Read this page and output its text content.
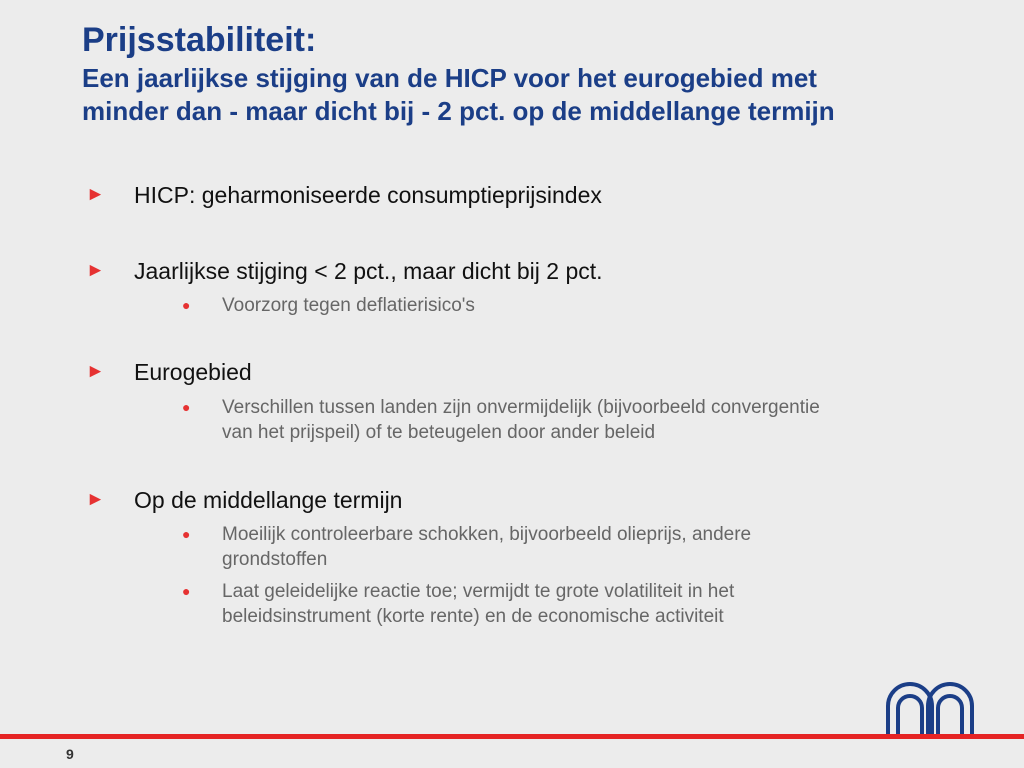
Prijsstabiliteit:
Een jaarlijkse stijging van de HICP voor het eurogebied met
minder dan - maar dicht bij - 2 pct. op de middellange termijn
►	HICP: geharmoniseerde consumptieprijsindex
►	Jaarlijkse stijging < 2 pct., maar dicht bij 2 pct.
●	Voorzorg tegen deflatierisico's
►	Eurogebied
●	Verschillen tussen landen zijn onvermijdelijk (bijvoorbeeld convergentie
van het prijspeil) of te beteugelen door ander beleid
►	Op de middellange termijn
●	Moeilijk controleerbare schokken, bijvoorbeeld olieprijs, andere
grondstoffen
●	Laat geleidelijke reactie toe; vermijdt te grote volatiliteit in het
beleidsinstrument (korte rente) en de economische activiteit
9
